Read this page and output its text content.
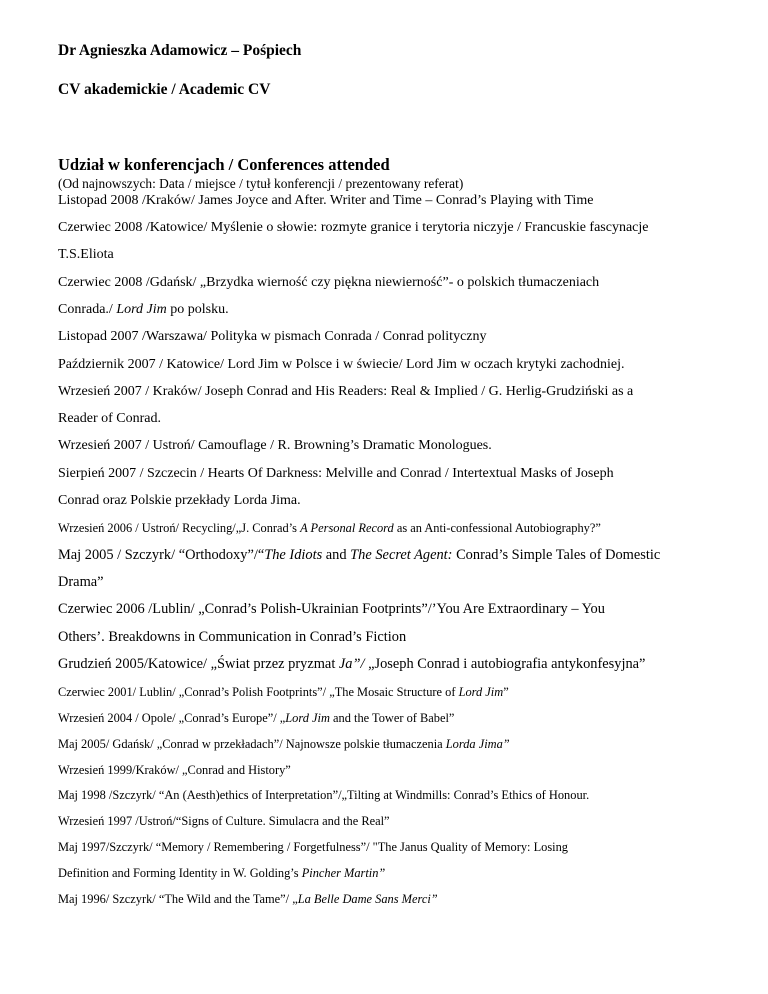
Dr Agnieszka Adamowicz – Pośpiech
CV akademickie / Academic CV
Udział w konferencjach / Conferences attended
(Od najnowszych: Data / miejsce / tytuł konferencji / prezentowany referat)
Listopad 2008 /Kraków/ James Joyce and After. Writer and Time – Conrad’s Playing with Time
Czerwiec 2008 /Katowice/ Myślenie o słowie: rozmyte granice i terytoria niczyje / Francuskie fascynacje
T.S.Eliota
Czerwiec 2008 /Gdańsk/ „Brzydka wierność czy piękna niewierność”- o polskich tłumaczeniach
Conrada./ Lord Jim po polsku.
Listopad 2007 /Warszawa/ Polityka w pismach Conrada / Conrad polityczny
Październik 2007 / Katowice/ Lord Jim w Polsce i w świecie/ Lord Jim w oczach krytyki zachodniej.
Wrzesień 2007 / Kraków/ Joseph Conrad and His Readers: Real & Implied / G. Herlig-Grudziński as a
Reader of Conrad.
Wrzesień 2007 / Ustroń/ Camouflage / R. Browning’s Dramatic Monologues.
Sierpień 2007 / Szczecin / Hearts Of Darkness: Melville and Conrad / Intertextual Masks of Joseph
Conrad oraz Polskie przekłady Lorda Jima.
Wrzesień 2006 / Ustroń/ Recycling/„J. Conrad’s A Personal Record as an Anti-confessional Autobiography?”
Maj 2005 / Szczyrk/ “Orthodoxy”/“The Idiots and The Secret Agent: Conrad’s Simple Tales of Domestic
Drama”
Czerwiec 2006 /Lublin/ „Conrad’s Polish-Ukrainian Footprints”/’You Are Extraordinary – You
Others’. Breakdowns in Communication in Conrad’s Fiction
Grudzień 2005/Katowice/ „Świat przez pryzmat Ja”/ „Joseph Conrad i autobiografia antykonfesyjna”
Czerwiec 2001/ Lublin/ „Conrad’s Polish Footprints”/ „The Mosaic Structure of Lord Jim”
Wrzesień 2004 / Opole/ „Conrad’s Europe”/ „Lord Jim and the Tower of Babel”
Maj 2005/ Gdańsk/ „Conrad w przekładach”/ Najnowsze polskie tłumaczenia Lorda Jima”
Wrzesień 1999/Kraków/ „Conrad and History”
Maj 1998 /Szczyrk/ “An (Aesth)ethics of Interpretation”/„Tilting at Windmills: Conrad’s Ethics of Honour.
Wrzesień 1997 /Ustroń/“Signs of Culture. Simulacra and the Real”
Maj 1997/Szczyrk/ “Memory / Remembering / Forgetfulness”/ "The Janus Quality of Memory: Losing
Definition and Forming Identity in W. Golding’s Pincher Martin”
Maj 1996/ Szczyrk/ “The Wild and the Tame”/ „La Belle Dame Sans Merci”
